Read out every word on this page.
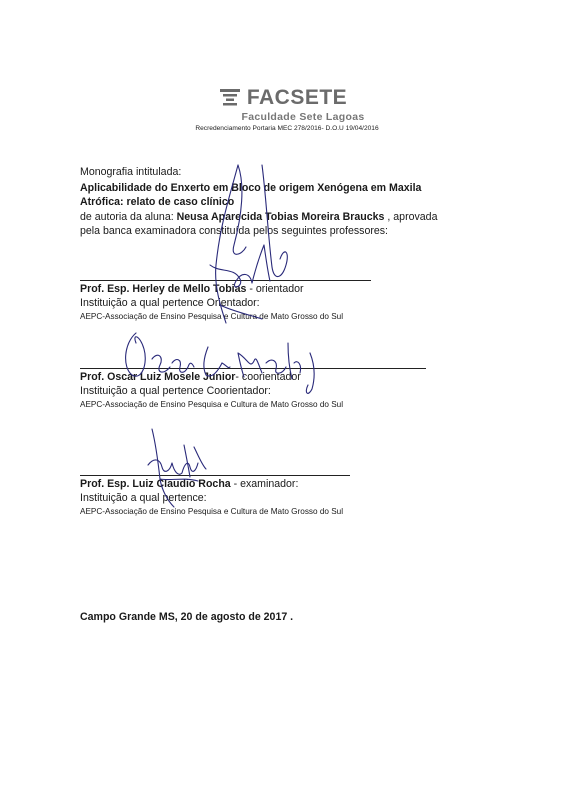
FACSETE
Faculdade Sete Lagoas
Recredenciamento Portaria MEC 278/2016- D.O.U 19/04/2016
Monografia intitulada:
Aplicabilidade do Enxerto em Bloco de origem Xenógena em Maxila
Atrófica: relato de caso clínico
de autoria da aluna: Neusa Aparecida Tobias Moreira Braucks , aprovada
pela banca examinadora constituída pelos seguintes professores:
Prof. Esp. Herley de Mello Tobias - orientador
Instituição a qual pertence Orientador:
AEPC-Associação de Ensino Pesquisa e Cultura de Mato Grosso do Sul
Prof. Oscar Luiz Mosele Junior- coorientador
Instituição a qual pertence Coorientador:
AEPC-Associação de Ensino Pesquisa e Cultura de Mato Grosso do Sul
Prof. Esp. Luiz Claudio Rocha - examinador:
Instituição a qual pertence:
AEPC-Associação de Ensino Pesquisa e Cultura de Mato Grosso do Sul
Campo Grande MS, 20 de agosto de 2017 .
